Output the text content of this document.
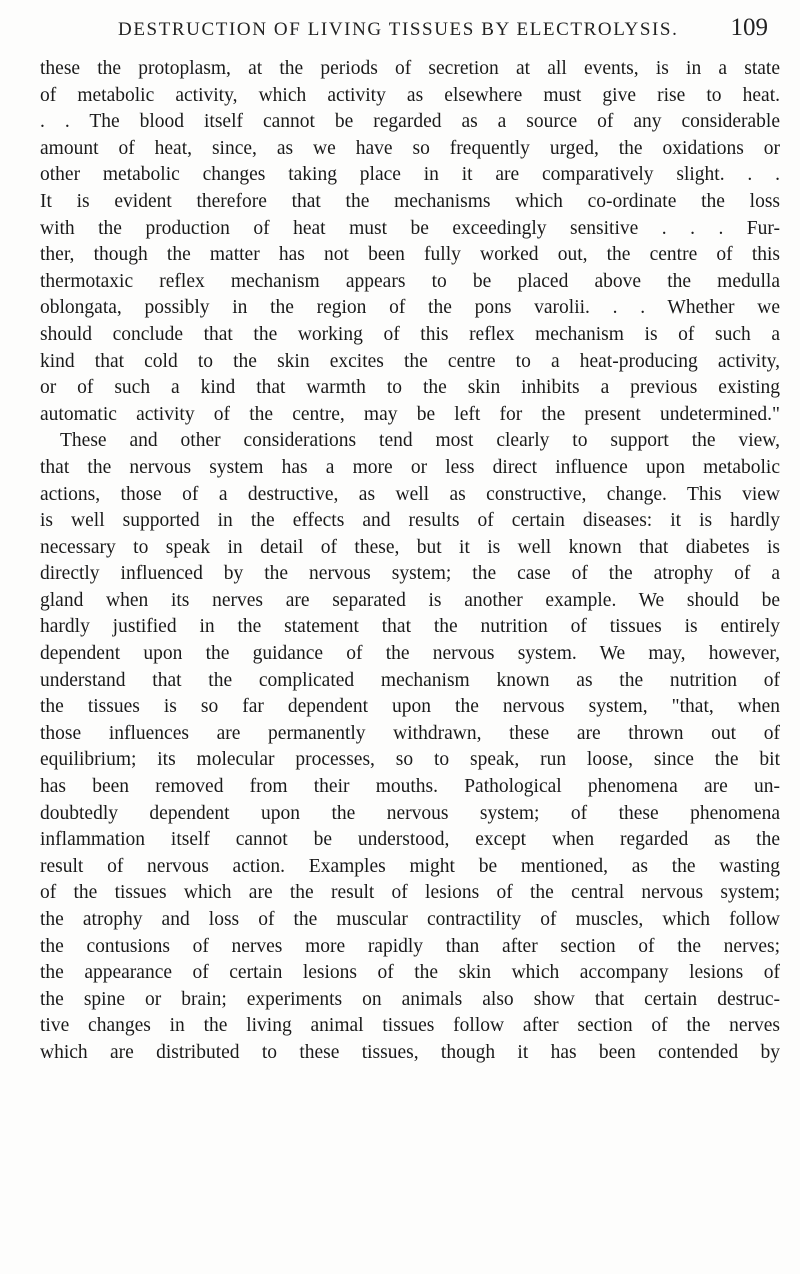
DESTRUCTION OF LIVING TISSUES BY ELECTROLYSIS. 109
these the protoplasm, at the periods of secretion at all events, is in a state
of metabolic activity, which activity as elsewhere must give rise to heat.
. . The blood itself cannot be regarded as a source of any considerable
amount of heat, since, as we have so frequently urged, the oxidations or
other metabolic changes taking place in it are comparatively slight. . .
It is evident therefore that the mechanisms which co-ordinate the loss
with the production of heat must be exceedingly sensitive . . . Fur-
ther, though the matter has not been fully worked out, the centre of this
thermotaxic reflex mechanism appears to be placed above the medulla
oblongata, possibly in the region of the pons varolii. . . Whether we
should conclude that the working of this reflex mechanism is of such a
kind that cold to the skin excites the centre to a heat-producing activity,
or of such a kind that warmth to the skin inhibits a previous existing
automatic activity of the centre, may be left for the present undetermined."
These and other considerations tend most clearly to support the view,
that the nervous system has a more or less direct influence upon metabolic
actions, those of a destructive, as well as constructive, change. This view
is well supported in the effects and results of certain diseases: it is hardly
necessary to speak in detail of these, but it is well known that diabetes is
directly influenced by the nervous system; the case of the atrophy of a
gland when its nerves are separated is another example. We should be
hardly justified in the statement that the nutrition of tissues is entirely
dependent upon the guidance of the nervous system. We may, however,
understand that the complicated mechanism known as the nutrition of
the tissues is so far dependent upon the nervous system, "that, when
those influences are permanently withdrawn, these are thrown out of
equilibrium; its molecular processes, so to speak, run loose, since the bit
has been removed from their mouths. Pathological phenomena are un-
doubtedly dependent upon the nervous system; of these phenomena
inflammation itself cannot be understood, except when regarded as the
result of nervous action. Examples might be mentioned, as the wasting
of the tissues which are the result of lesions of the central nervous system;
the atrophy and loss of the muscular contractility of muscles, which follow
the contusions of nerves more rapidly than after section of the nerves;
the appearance of certain lesions of the skin which accompany lesions of
the spine or brain; experiments on animals also show that certain destruc-
tive changes in the living animal tissues follow after section of the nerves
which are distributed to these tissues, though it has been contended by
